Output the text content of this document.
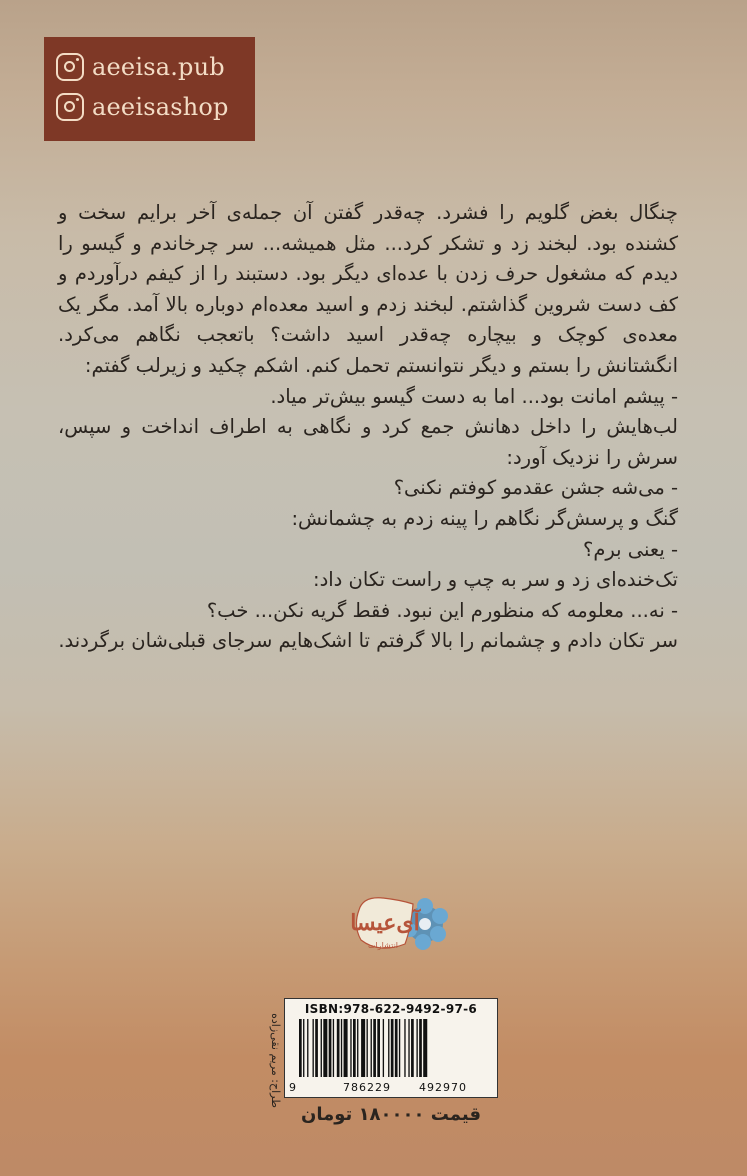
aeeisa.pub
aeeisashop

چنگال بغض گلویم را فشرد. چه‌قدر گفتن آن جمله‌ی آخر برایم سخت و کشنده بود. لبخند زد و تشکر کرد... مثل همیشه... سر چرخاندم و گیسو را دیدم که مشغول حرف زدن با عده‌ای دیگر بود. دستبند را از کیفم درآوردم و کف دست شروین گذاشتم. لبخند زدم و اسید معده‌ام دوباره بالا آمد. مگر یک معده‌ی کوچک و بیچاره چه‌قدر اسید داشت؟ باتعجب نگاهم می‌کرد. انگشتانش را بستم و دیگر نتوانستم تحمل کنم. اشکم چکید و زیرلب گفتم:

- پیشم امانت بود... اما به دست گیسو بیش‌تر میاد.

لب‌هایش را داخل دهانش جمع کرد و نگاهی به اطراف انداخت و سپس، سرش را نزدیک آورد:

- می‌شه جشن عقدمو کوفتم نکنی؟

گنگ و پرسش‌گر نگاهم را پینه زدم به چشمانش:

- یعنی برم؟

تک‌خنده‌ای زد و سر به چپ و راست تکان داد:

- نه... معلومه که منظورم این نبود. فقط گریه نکن... خب؟

سر تکان دادم و چشمانم را بالا گرفتم تا اشک‌هایم سرجای قبلی‌شان برگردند.

آی‌عیسا
انتشارات
طراح: مریم نقی‌زاده
ISBN:978-622-9492-97-6
9	786229	492970
قیمت ۱۸۰۰۰۰ تومان
